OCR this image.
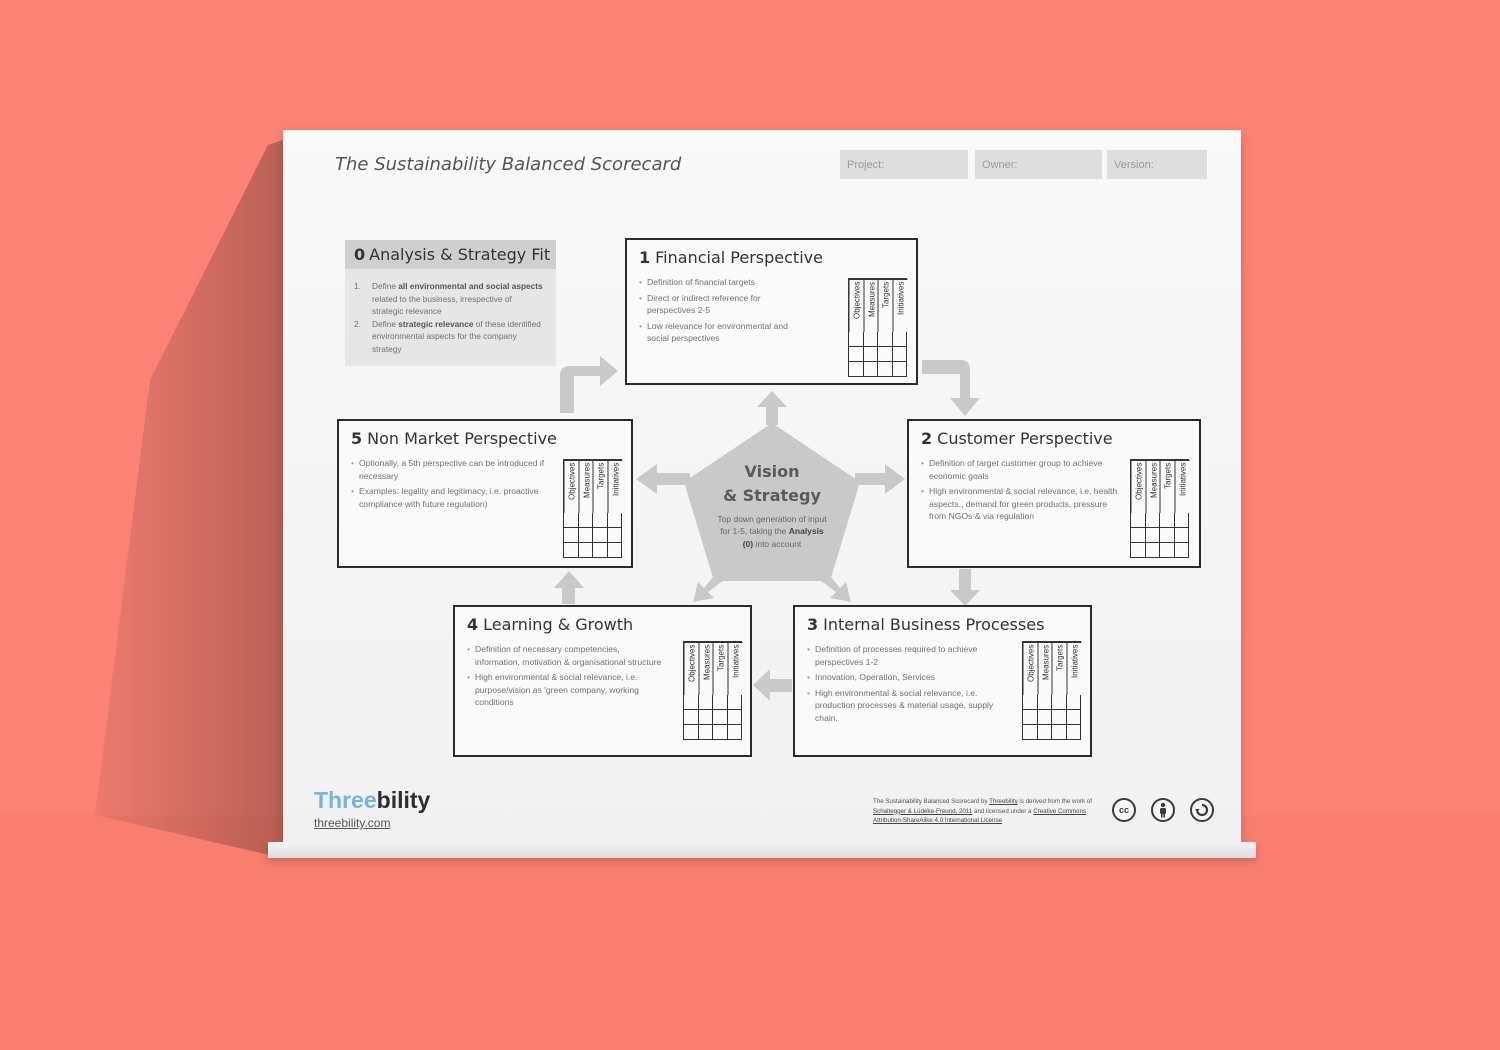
The Sustainability Balanced Scorecard	Project:	Owner:	Version:
Vision
& Strategy
Top down generation of input for 1-5, taking the Analysis (0) into account
0 Analysis & Strategy Fit
1. Define all environmental and social aspects related to the business, irrespective of strategic relevance
2. Define strategic relevance of these identified environmental aspects for the company strategy
1 Financial Perspective
• Definition of financial targets
• Direct or indirect reference for perspectives 2-5
• Low relevance for environmental and social perspectives
Objectives Measures Targets Initiatives
2 Customer Perspective
• Definition of target customer group to achieve economic goals
• High environmental & social relevance, i.e. health aspects., demand for green products, pressure from NGOs & via regulation
Objectives Measures Targets Initiatives
3 Internal Business Processes
• Definition of processes required to achieve perspectives 1-2
• Innovation, Operation, Services
• High environmental & social relevance, i.e. production processes & material usage, supply chain.
Objectives Measures Targets Initiatives
4 Learning & Growth
• Definition of necessary competencies, information, motivation & organisational structure
• High environmental & social relevance, i.e. purpose/vision as 'green company, working conditions
Objectives Measures Targets Initiatives
5 Non Market Perspective
• Optionally, a 5th perspective can be introduced if necessary
• Examples: legality and legitimacy, i.e. proactive compliance with future regulation)
Objectives Measures Targets Initiatives
Threebility
threebility.com
The Sustainability Balanced Scorecard by Threebility is derived from the work of Schaltegger & Lüdeke-Freund, 2011 and licensed under a Creative Commons Attribution-ShareAlike 4.0 International License
cc
